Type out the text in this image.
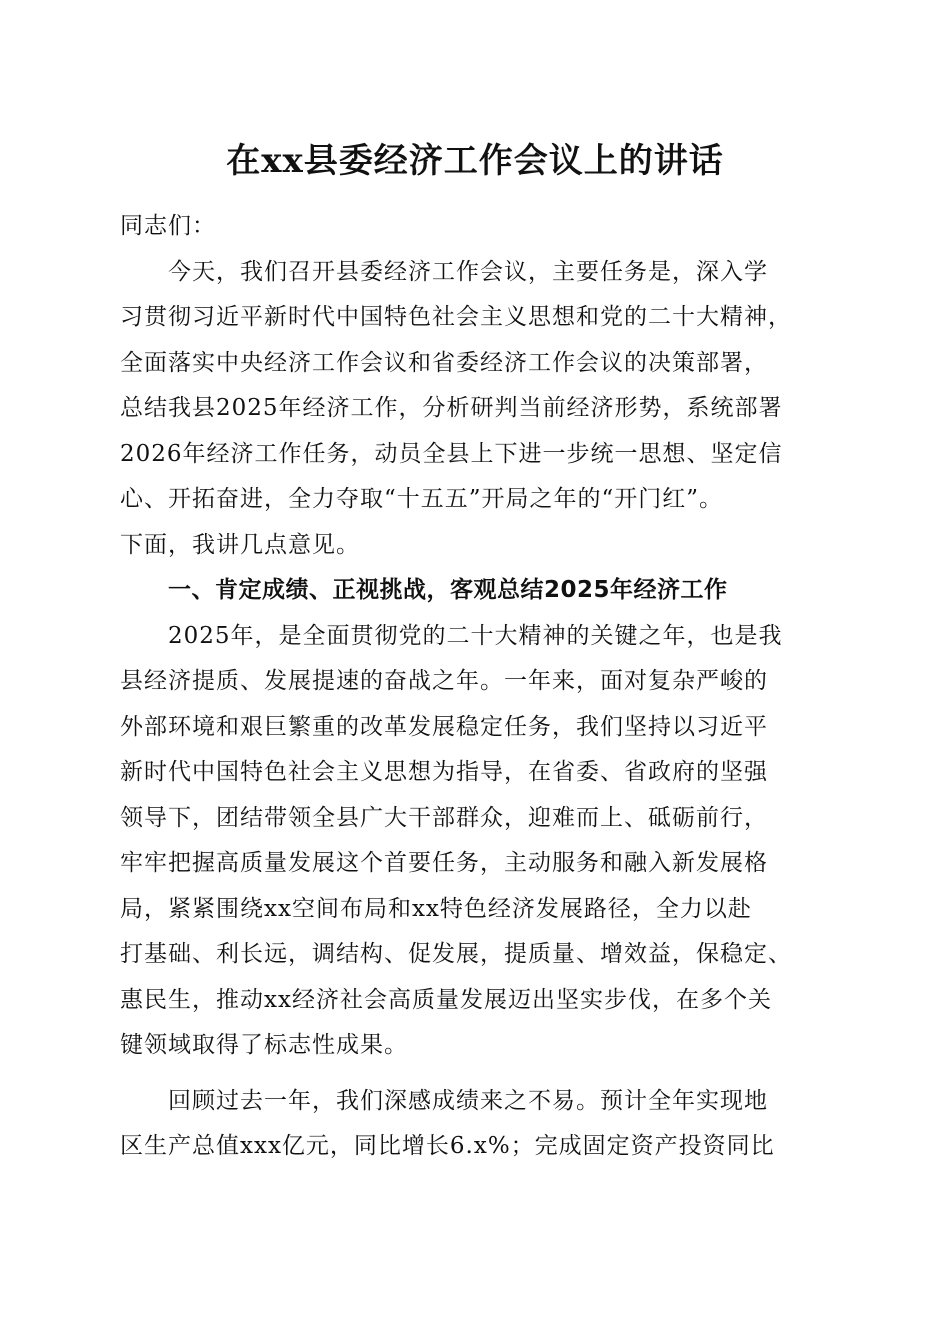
在xx县委经济工作会议上的讲话

同志们：

今天，我们召开县委经济工作会议，主要任务是，深入学
习贯彻习近平新时代中国特色社会主义思想和党的二十大精神，
全面落实中央经济工作会议和省委经济工作会议的决策部署，
总结我县2025年经济工作，分析研判当前经济形势，系统部署
2026年经济工作任务，动员全县上下进一步统一思想、坚定信
心、开拓奋进，全力夺取“十五五”开局之年的“开门红”。
下面，我讲几点意见。

一、肯定成绩、正视挑战，客观总结2025年经济工作

2025年，是全面贯彻党的二十大精神的关键之年，也是我
县经济提质、发展提速的奋战之年。一年来，面对复杂严峻的
外部环境和艰巨繁重的改革发展稳定任务，我们坚持以习近平
新时代中国特色社会主义思想为指导，在省委、省政府的坚强
领导下，团结带领全县广大干部群众，迎难而上、砥砺前行，
牢牢把握高质量发展这个首要任务，主动服务和融入新发展格
局，紧紧围绕xx空间布局和xx特色经济发展路径，全力以赴
打基础、利长远，调结构、促发展，提质量、增效益，保稳定、
惠民生，推动xx经济社会高质量发展迈出坚实步伐，在多个关
键领域取得了标志性成果。

回顾过去一年，我们深感成绩来之不易。预计全年实现地
区生产总值xxx亿元，同比增长6.x%；完成固定资产投资同比
